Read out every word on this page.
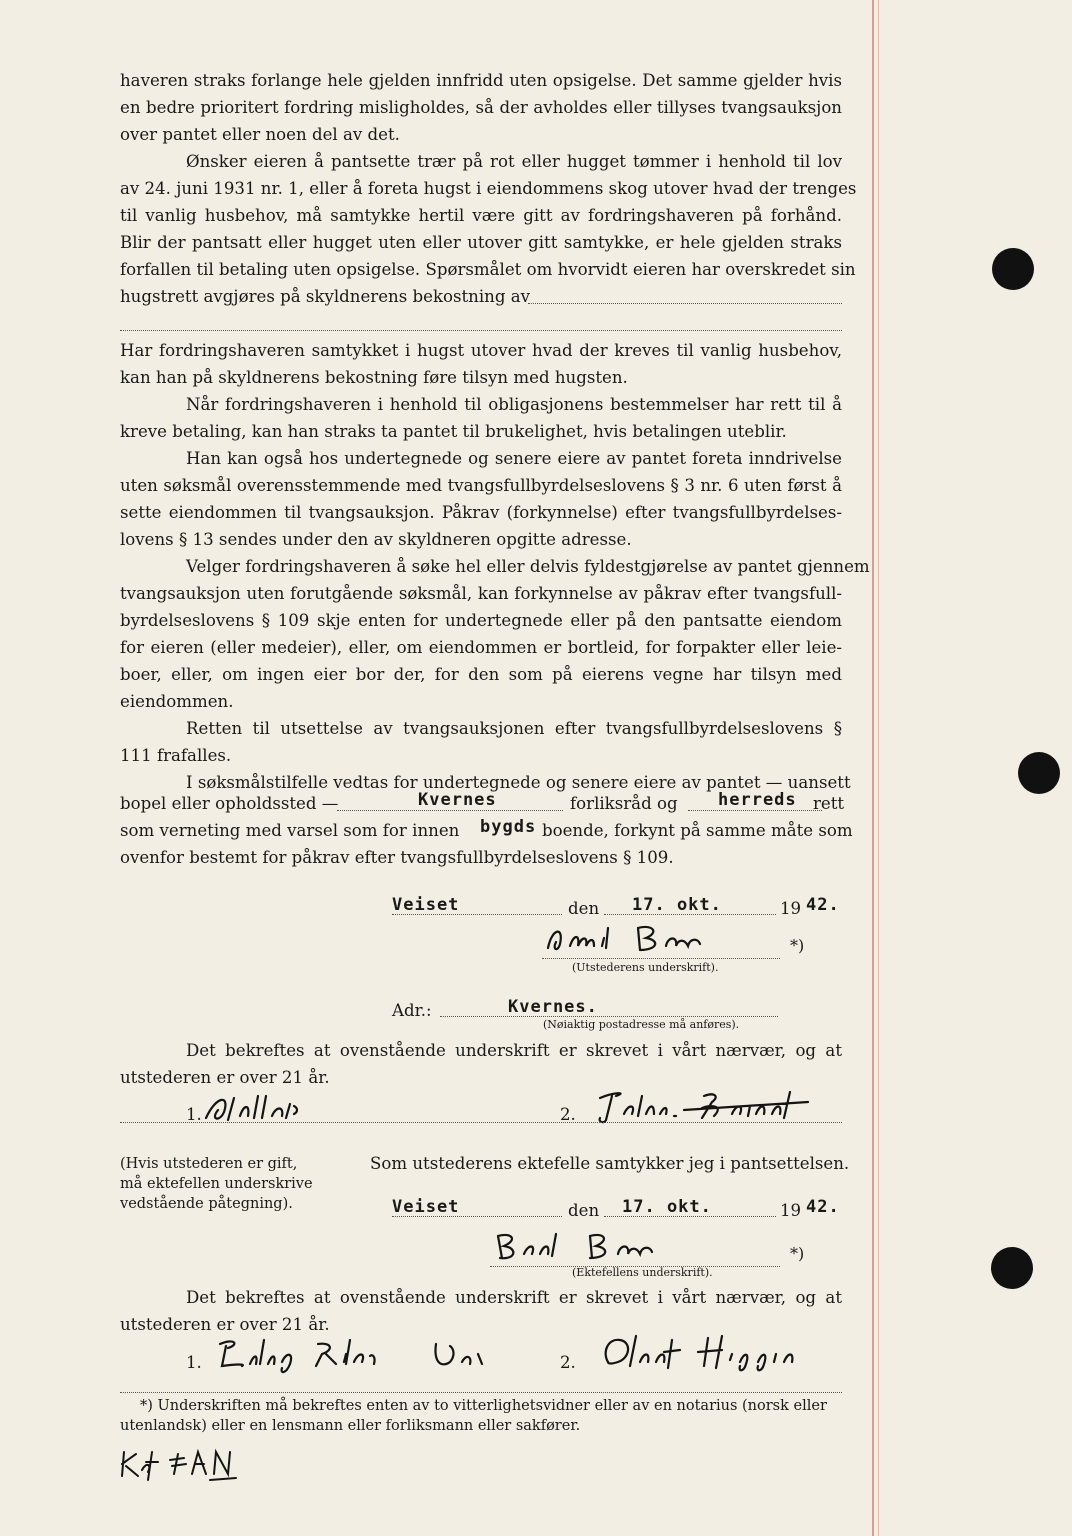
haveren straks forlange hele gjelden innfridd uten opsigelse. Det samme gjelder hvis
en bedre prioritert fordring misligholdes, så der avholdes eller tillyses tvangsauksjon
over pantet eller noen del av det.
Ønsker eieren å pantsette trær på rot eller hugget tømmer i henhold til lov
av 24. juni 1931 nr. 1, eller å foreta hugst i eiendommens skog utover hvad der trenges
til vanlig husbehov, må samtykke hertil være gitt av fordringshaveren på forhånd.
Blir der pantsatt eller hugget uten eller utover gitt samtykke, er hele gjelden straks
forfallen til betaling uten opsigelse. Spørsmålet om hvorvidt eieren har overskredet sin
hugstrett avgjøres på skyldnerens bekostning av
Har fordringshaveren samtykket i hugst utover hvad der kreves til vanlig husbehov,
kan han på skyldnerens bekostning føre tilsyn med hugsten.
Når fordringshaveren i henhold til obligasjonens bestemmelser har rett til å
kreve betaling, kan han straks ta pantet til brukelighet, hvis betalingen uteblir.
Han kan også hos undertegnede og senere eiere av pantet foreta inndrivelse
uten søksmål overensstemmende med tvangsfullbyrdelseslovens § 3 nr. 6 uten først å
sette eiendommen til tvangsauksjon. Påkrav (forkynnelse) efter tvangsfullbyrdelses-
lovens § 13 sendes under den av skyldneren opgitte adresse.
Velger fordringshaveren å søke hel eller delvis fyldestgjørelse av pantet gjennem
tvangsauksjon uten forutgående søksmål, kan forkynnelse av påkrav efter tvangsfull-
byrdelseslovens § 109 skje enten for undertegnede eller på den pantsatte eiendom
for eieren (eller medeier), eller, om eiendommen er bortleid, for forpakter eller leie-
boer, eller, om ingen eier bor der, for den som på eierens vegne har tilsyn med
eiendommen.
Retten til utsettelse av tvangsauksjonen efter tvangsfullbyrdelseslovens §
111 frafalles.
I søksmålstilfelle vedtas for undertegnede og senere eiere av pantet — uansett
bopel eller opholdssted —	Kvernes	forliksråd og herreds rett
som verneting med varsel som for innen bygds boende, forkynt på samme måte som
ovenfor bestemt for påkrav efter tvangsfullbyrdelseslovens § 109.
Veiset	den 17. okt.	19 42.
*)
(Utstederens underskrift).
Adr.:	Kvernes.
(Nøiaktig postadresse må anføres).
Det bekreftes at ovenstående underskrift er skrevet i vårt nærvær, og at
utstederen er over 21 år.
1.	2.
(Hvis utstederen er gift,
må ektefellen underskrive
vedstående påtegning).
Som utstederens ektefelle samtykker jeg i pantsettelsen.
Veiset	den 17. okt.	19 42.
*)
(Ektefellens underskrift).
Det bekreftes at ovenstående underskrift er skrevet i vårt nærvær, og at
utstederen er over 21 år.
1.	2.
*) Underskriften må bekreftes enten av to vitterlighetsvidner eller av en notarius (norsk eller
utenlandsk) eller en lensmann eller forliksmann eller sakfører.
